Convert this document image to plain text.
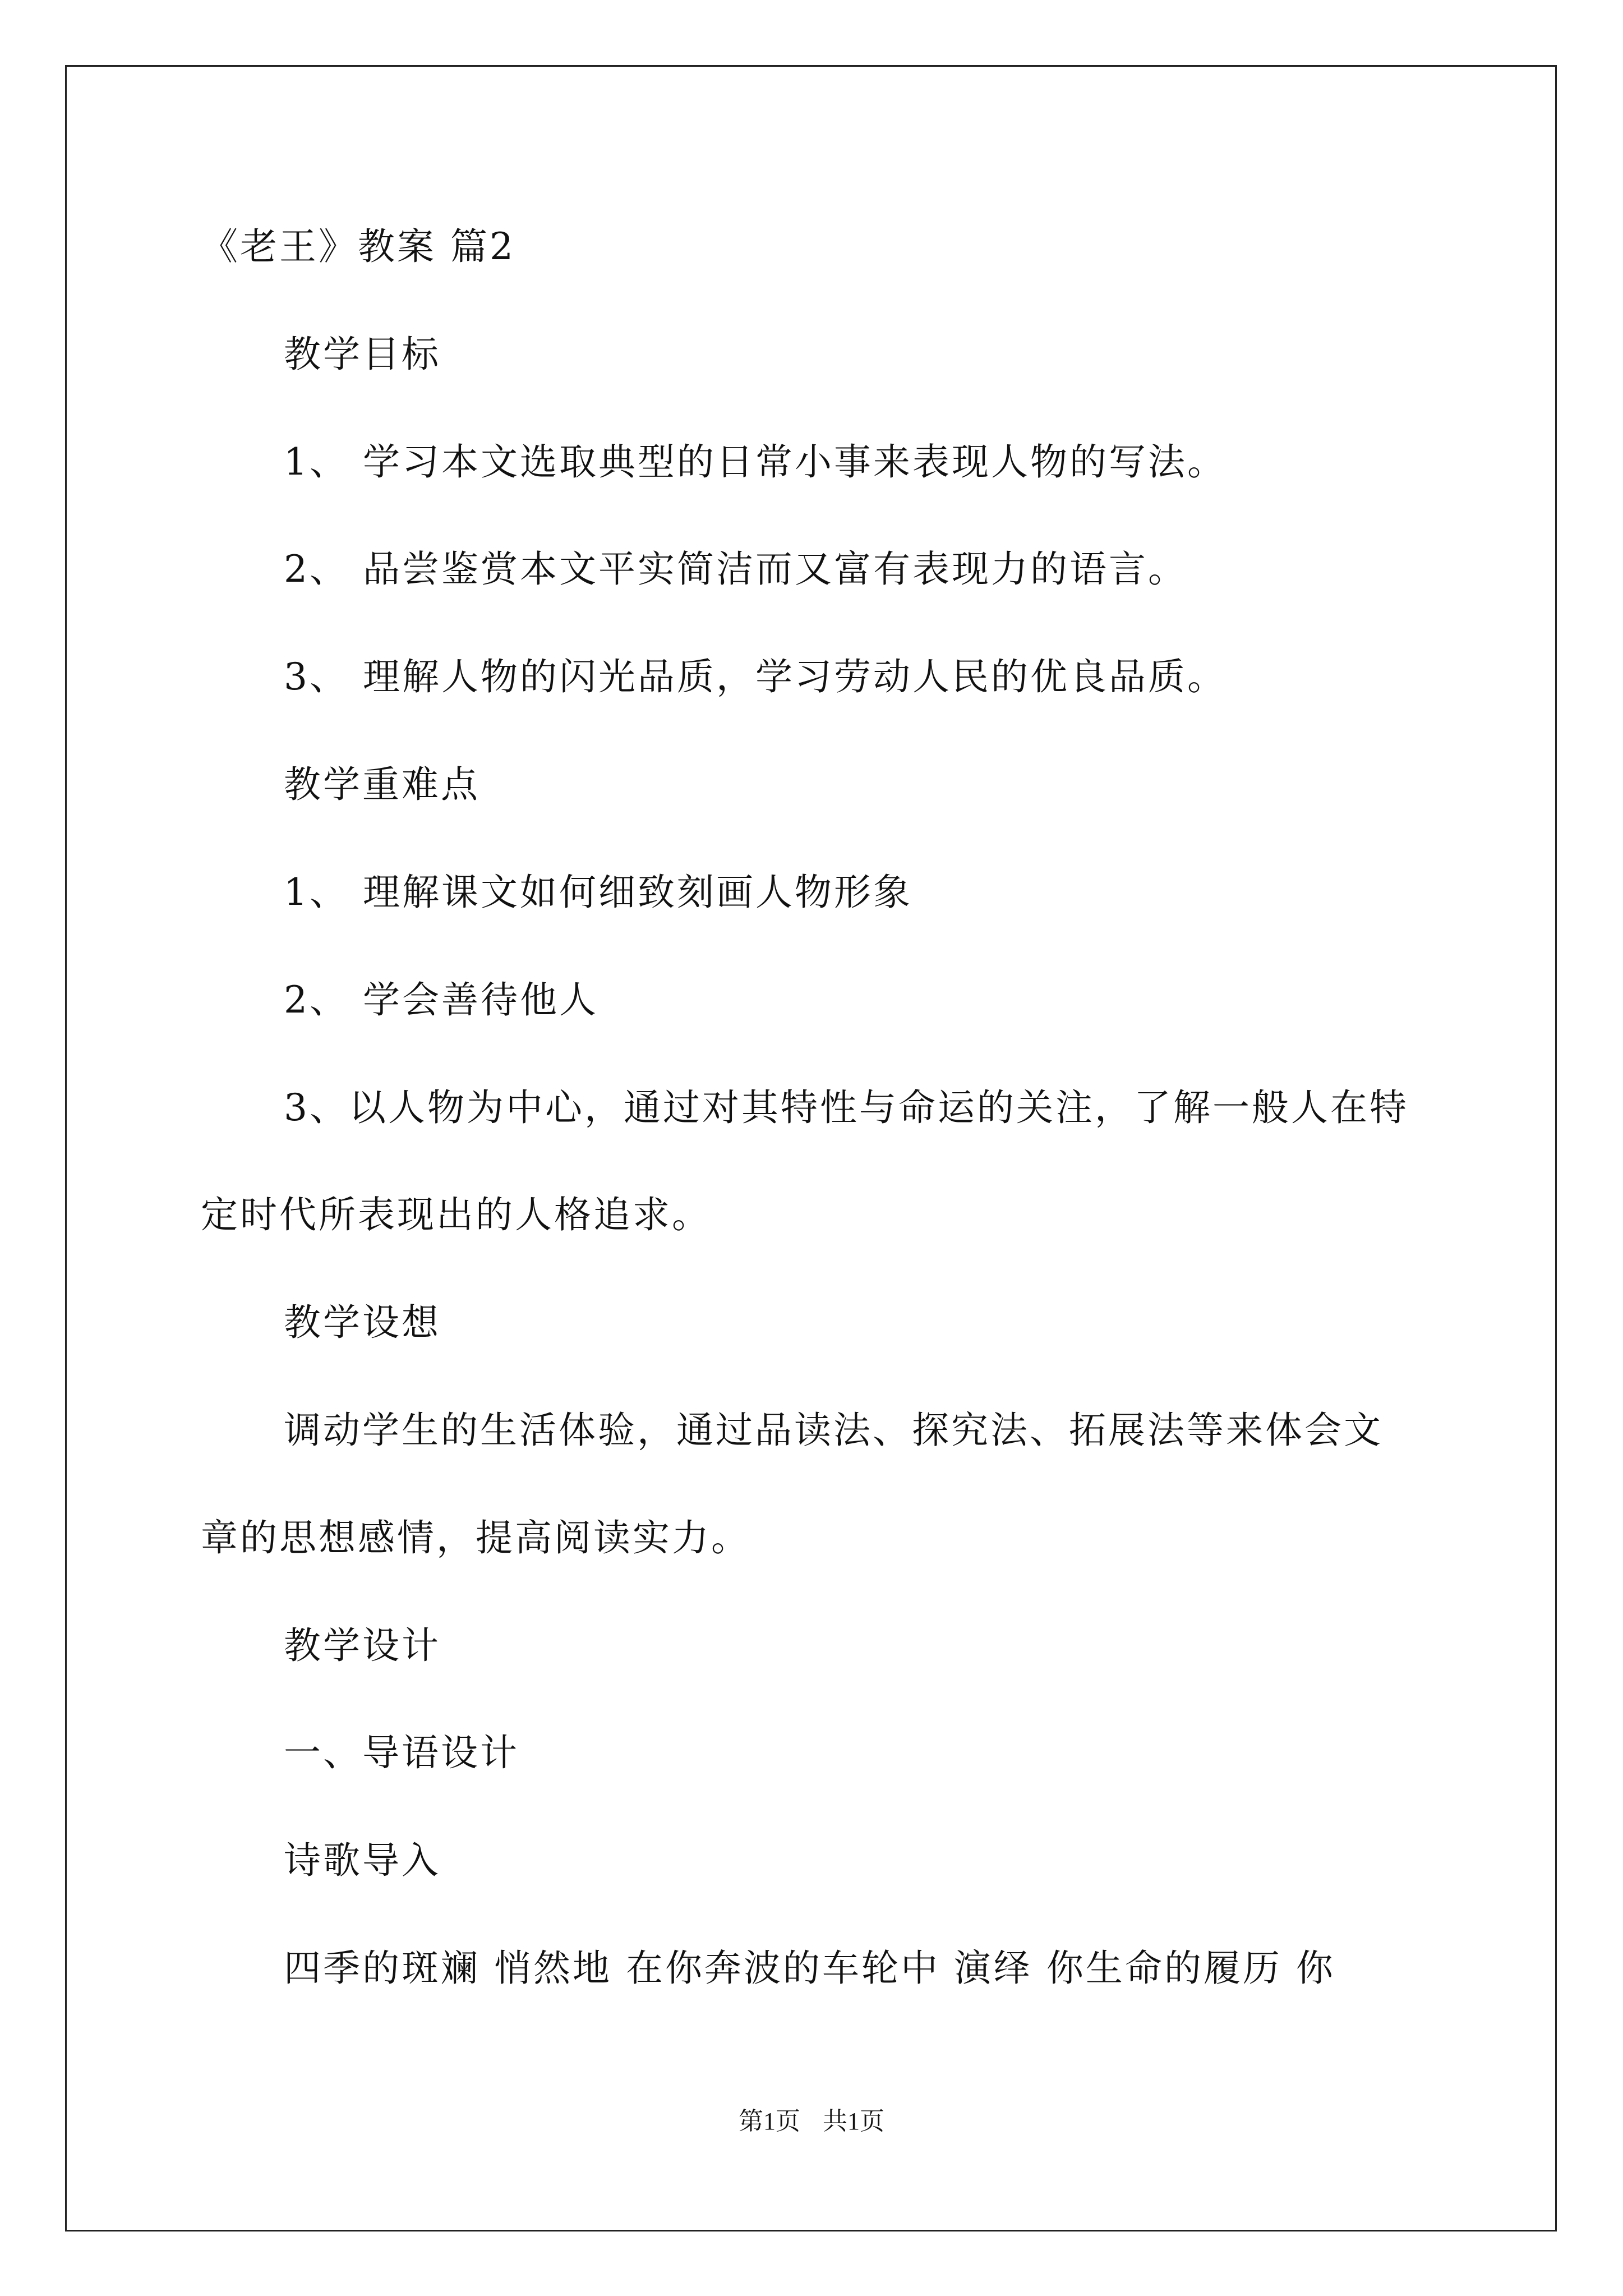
《老王》教案 篇2
教学目标
1、 学习本文选取典型的日常小事来表现人物的写法。
2、 品尝鉴赏本文平实简洁而又富有表现力的语言。
3、 理解人物的闪光品质，学习劳动人民的优良品质。
教学重难点
1、 理解课文如何细致刻画人物形象
2、 学会善待他人
3、以人物为中心，通过对其特性与命运的关注，了解一般人在特
定时代所表现出的人格追求。
教学设想
调动学生的生活体验，通过品读法、探究法、拓展法等来体会文
章的思想感情，提高阅读实力。
教学设计
一、导语设计
诗歌导入
四季的斑斓 悄然地 在你奔波的车轮中 演绎 你生命的履历 你
第1页 共1页
